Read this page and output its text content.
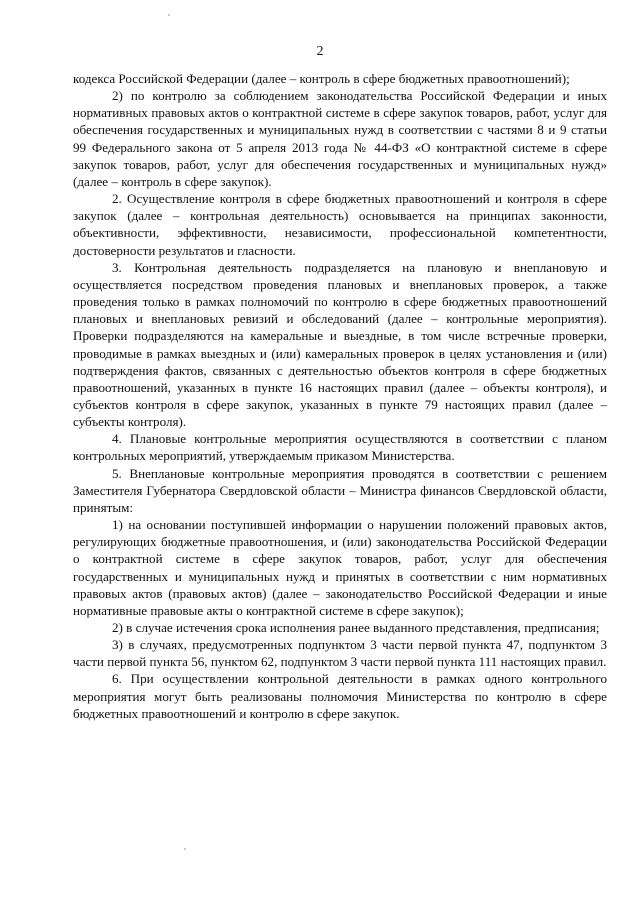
2

кодекса Российской Федерации (далее – контроль в сфере бюджетных правоотношений);

2) по контролю за соблюдением законодательства Российской Федерации и иных нормативных правовых актов о контрактной системе в сфере закупок товаров, работ, услуг для обеспечения государственных и муниципальных нужд в соответствии с частями 8 и 9 статьи 99 Федерального закона от 5 апреля 2013 года № 44-ФЗ «О контрактной системе в сфере закупок товаров, работ, услуг для обеспечения государственных и муниципальных нужд» (далее – контроль в сфере закупок).

2. Осуществление контроля в сфере бюджетных правоотношений и контроля в сфере закупок (далее – контрольная деятельность) основывается на принципах законности, объективности, эффективности, независимости, профессиональной компетентности, достоверности результатов и гласности.

3. Контрольная деятельность подразделяется на плановую и внеплановую и осуществляется посредством проведения плановых и внеплановых проверок, а также проведения только в рамках полномочий по контролю в сфере бюджетных правоотношений плановых и внеплановых ревизий и обследований (далее – контрольные мероприятия). Проверки подразделяются на камеральные и выездные, в том числе встречные проверки, проводимые в рамках выездных и (или) камеральных проверок в целях установления и (или) подтверждения фактов, связанных с деятельностью объектов контроля в сфере бюджетных правоотношений, указанных в пункте 16 настоящих правил (далее – объекты контроля), и субъектов контроля в сфере закупок, указанных в пункте 79 настоящих правил (далее – субъекты контроля).

4. Плановые контрольные мероприятия осуществляются в соответствии с планом контрольных мероприятий, утверждаемым приказом Министерства.

5. Внеплановые контрольные мероприятия проводятся в соответствии с решением Заместителя Губернатора Свердловской области – Министра финансов Свердловской области, принятым:

1) на основании поступившей информации о нарушении положений правовых актов, регулирующих бюджетные правоотношения, и (или) законодательства Российской Федерации о контрактной системе в сфере закупок товаров, работ, услуг для обеспечения государственных и муниципальных нужд и принятых в соответствии с ним нормативных правовых актов (правовых актов) (далее – законодательство Российской Федерации и иные нормативные правовые акты о контрактной системе в сфере закупок);

2) в случае истечения срока исполнения ранее выданного представления, предписания;

3) в случаях, предусмотренных подпунктом 3 части первой пункта 47, подпунктом 3 части первой пункта 56, пунктом 62, подпунктом 3 части первой пункта 111 настоящих правил.

6. При осуществлении контрольной деятельности в рамках одного контрольного мероприятия могут быть реализованы полномочия Министерства по контролю в сфере бюджетных правоотношений и контролю в сфере закупок.
